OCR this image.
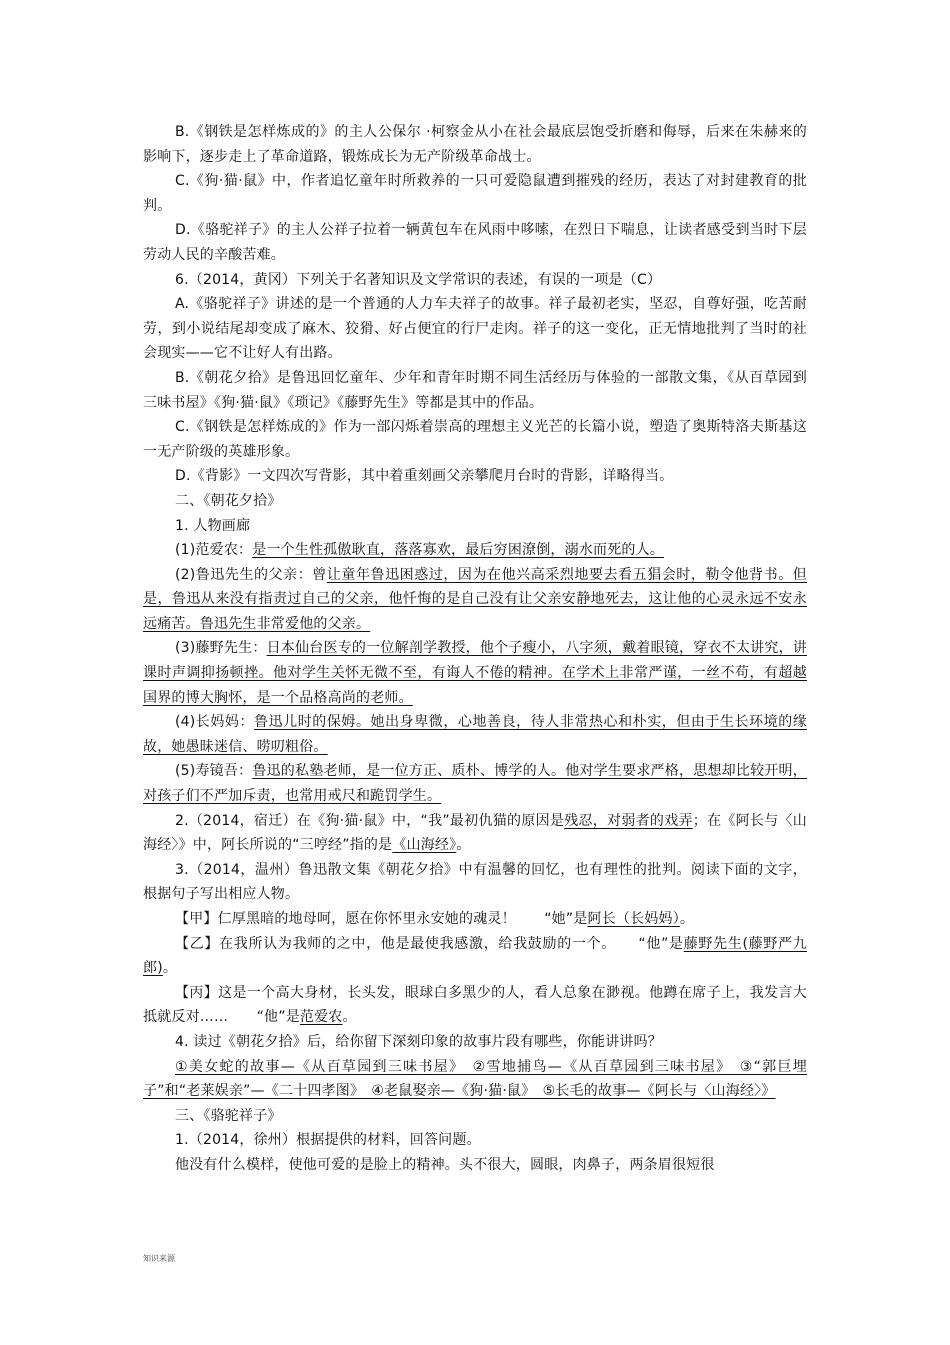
B.《钢铁是怎样炼成的》的主人公保尔 ·柯察金从小在社会最底层饱受折磨和侮辱，后来在朱赫来的影响下，逐步走上了革命道路，锻炼成长为无产阶级革命战士。

C.《狗·猫·鼠》中，作者追忆童年时所救养的一只可爱隐鼠遭到摧残的经历，表达了对封建教育的批判。

D.《骆驼祥子》的主人公祥子拉着一辆黄包车在风雨中哆嗦，在烈日下喘息，让读者感受到当时下层劳动人民的辛酸苦难。

6.（2014，黄冈）下列关于名著知识及文学常识的表述，有误的一项是（C）

A.《骆驼祥子》讲述的是一个普通的人力车夫祥子的故事。祥子最初老实，坚忍，自尊好强，吃苦耐劳，到小说结尾却变成了麻木、狡猾、好占便宜的行尸走肉。祥子的这一变化，正无情地批判了当时的社会现实——它不让好人有出路。

B.《朝花夕拾》是鲁迅回忆童年、少年和青年时期不同生活经历与体验的一部散文集，《从百草园到三味书屋》《狗·猫·鼠》《琐记》《藤野先生》等都是其中的作品。

C.《钢铁是怎样炼成的》作为一部闪烁着崇高的理想主义光芒的长篇小说，塑造了奥斯特洛夫斯基这一无产阶级的英雄形象。

D.《背影》一文四次写背影，其中着重刻画父亲攀爬月台时的背影，详略得当。

二、《朝花夕拾》

1. 人物画廊

(1)范爱农：是一个生性孤傲耿直，落落寡欢，最后穷困潦倒，溺水而死的人。

(2)鲁迅先生的父亲：曾让童年鲁迅困惑过，因为在他兴高采烈地要去看五猖会时，勒令他背书。但是，鲁迅从来没有指责过自己的父亲，他忏悔的是自己没有让父亲安静地死去，这让他的心灵永远不安永远痛苦。鲁迅先生非常爱他的父亲。

(3)藤野先生：日本仙台医专的一位解剖学教授，他个子瘦小，八字须，戴着眼镜，穿衣不太讲究，讲课时声调抑扬顿挫。他对学生关怀无微不至，有诲人不倦的精神。在学术上非常严谨，一丝不苟，有超越国界的博大胸怀，是一个品格高尚的老师。

(4)长妈妈：鲁迅儿时的保姆。她出身卑微，心地善良，待人非常热心和朴实，但由于生长环境的缘故，她愚昧迷信、唠叨粗俗。

(5)寿镜吾：鲁迅的私塾老师，是一位方正、质朴、博学的人。他对学生要求严格，思想却比较开明，对孩子们不严加斥责，也常用戒尺和跪罚学生。

2.（2014，宿迁）在《狗·猫·鼠》中，“我”最初仇猫的原因是残忍，对弱者的戏弄；在《阿长与〈山海经〉》中，阿长所说的“三哼经”指的是《山海经》。

3.（2014，温州）鲁迅散文集《朝花夕拾》中有温馨的回忆，也有理性的批判。阅读下面的文字，根据句子写出相应人物。

【甲】仁厚黑暗的地母呵，愿在你怀里永安她的魂灵！　　“她”是阿长（长妈妈）。

【乙】在我所认为我师的之中，他是最使我感激，给我鼓励的一个。　　“他”是藤野先生(藤野严九郎)。

【丙】这是一个高大身材，长头发，眼球白多黑少的人，看人总象在渺视。他蹲在席子上，我发言大抵就反对……　　“他”是范爱农。

4. 读过《朝花夕拾》后，给你留下深刻印象的故事片段有哪些，你能讲讲吗？

①美女蛇的故事—《从百草园到三味书屋》　②雪地捕鸟—《从百草园到三味书屋》　③“郭巨埋子”和“老莱娱亲”—《二十四孝图》　④老鼠娶亲—《狗·猫·鼠》　⑤长毛的故事—《阿长与〈山海经〉》

三、《骆驼祥子》

1.（2014，徐州）根据提供的材料，回答问题。

他没有什么模样，使他可爱的是脸上的精神。头不很大，圆眼，肉鼻子，两条眉很短很

知识来源
